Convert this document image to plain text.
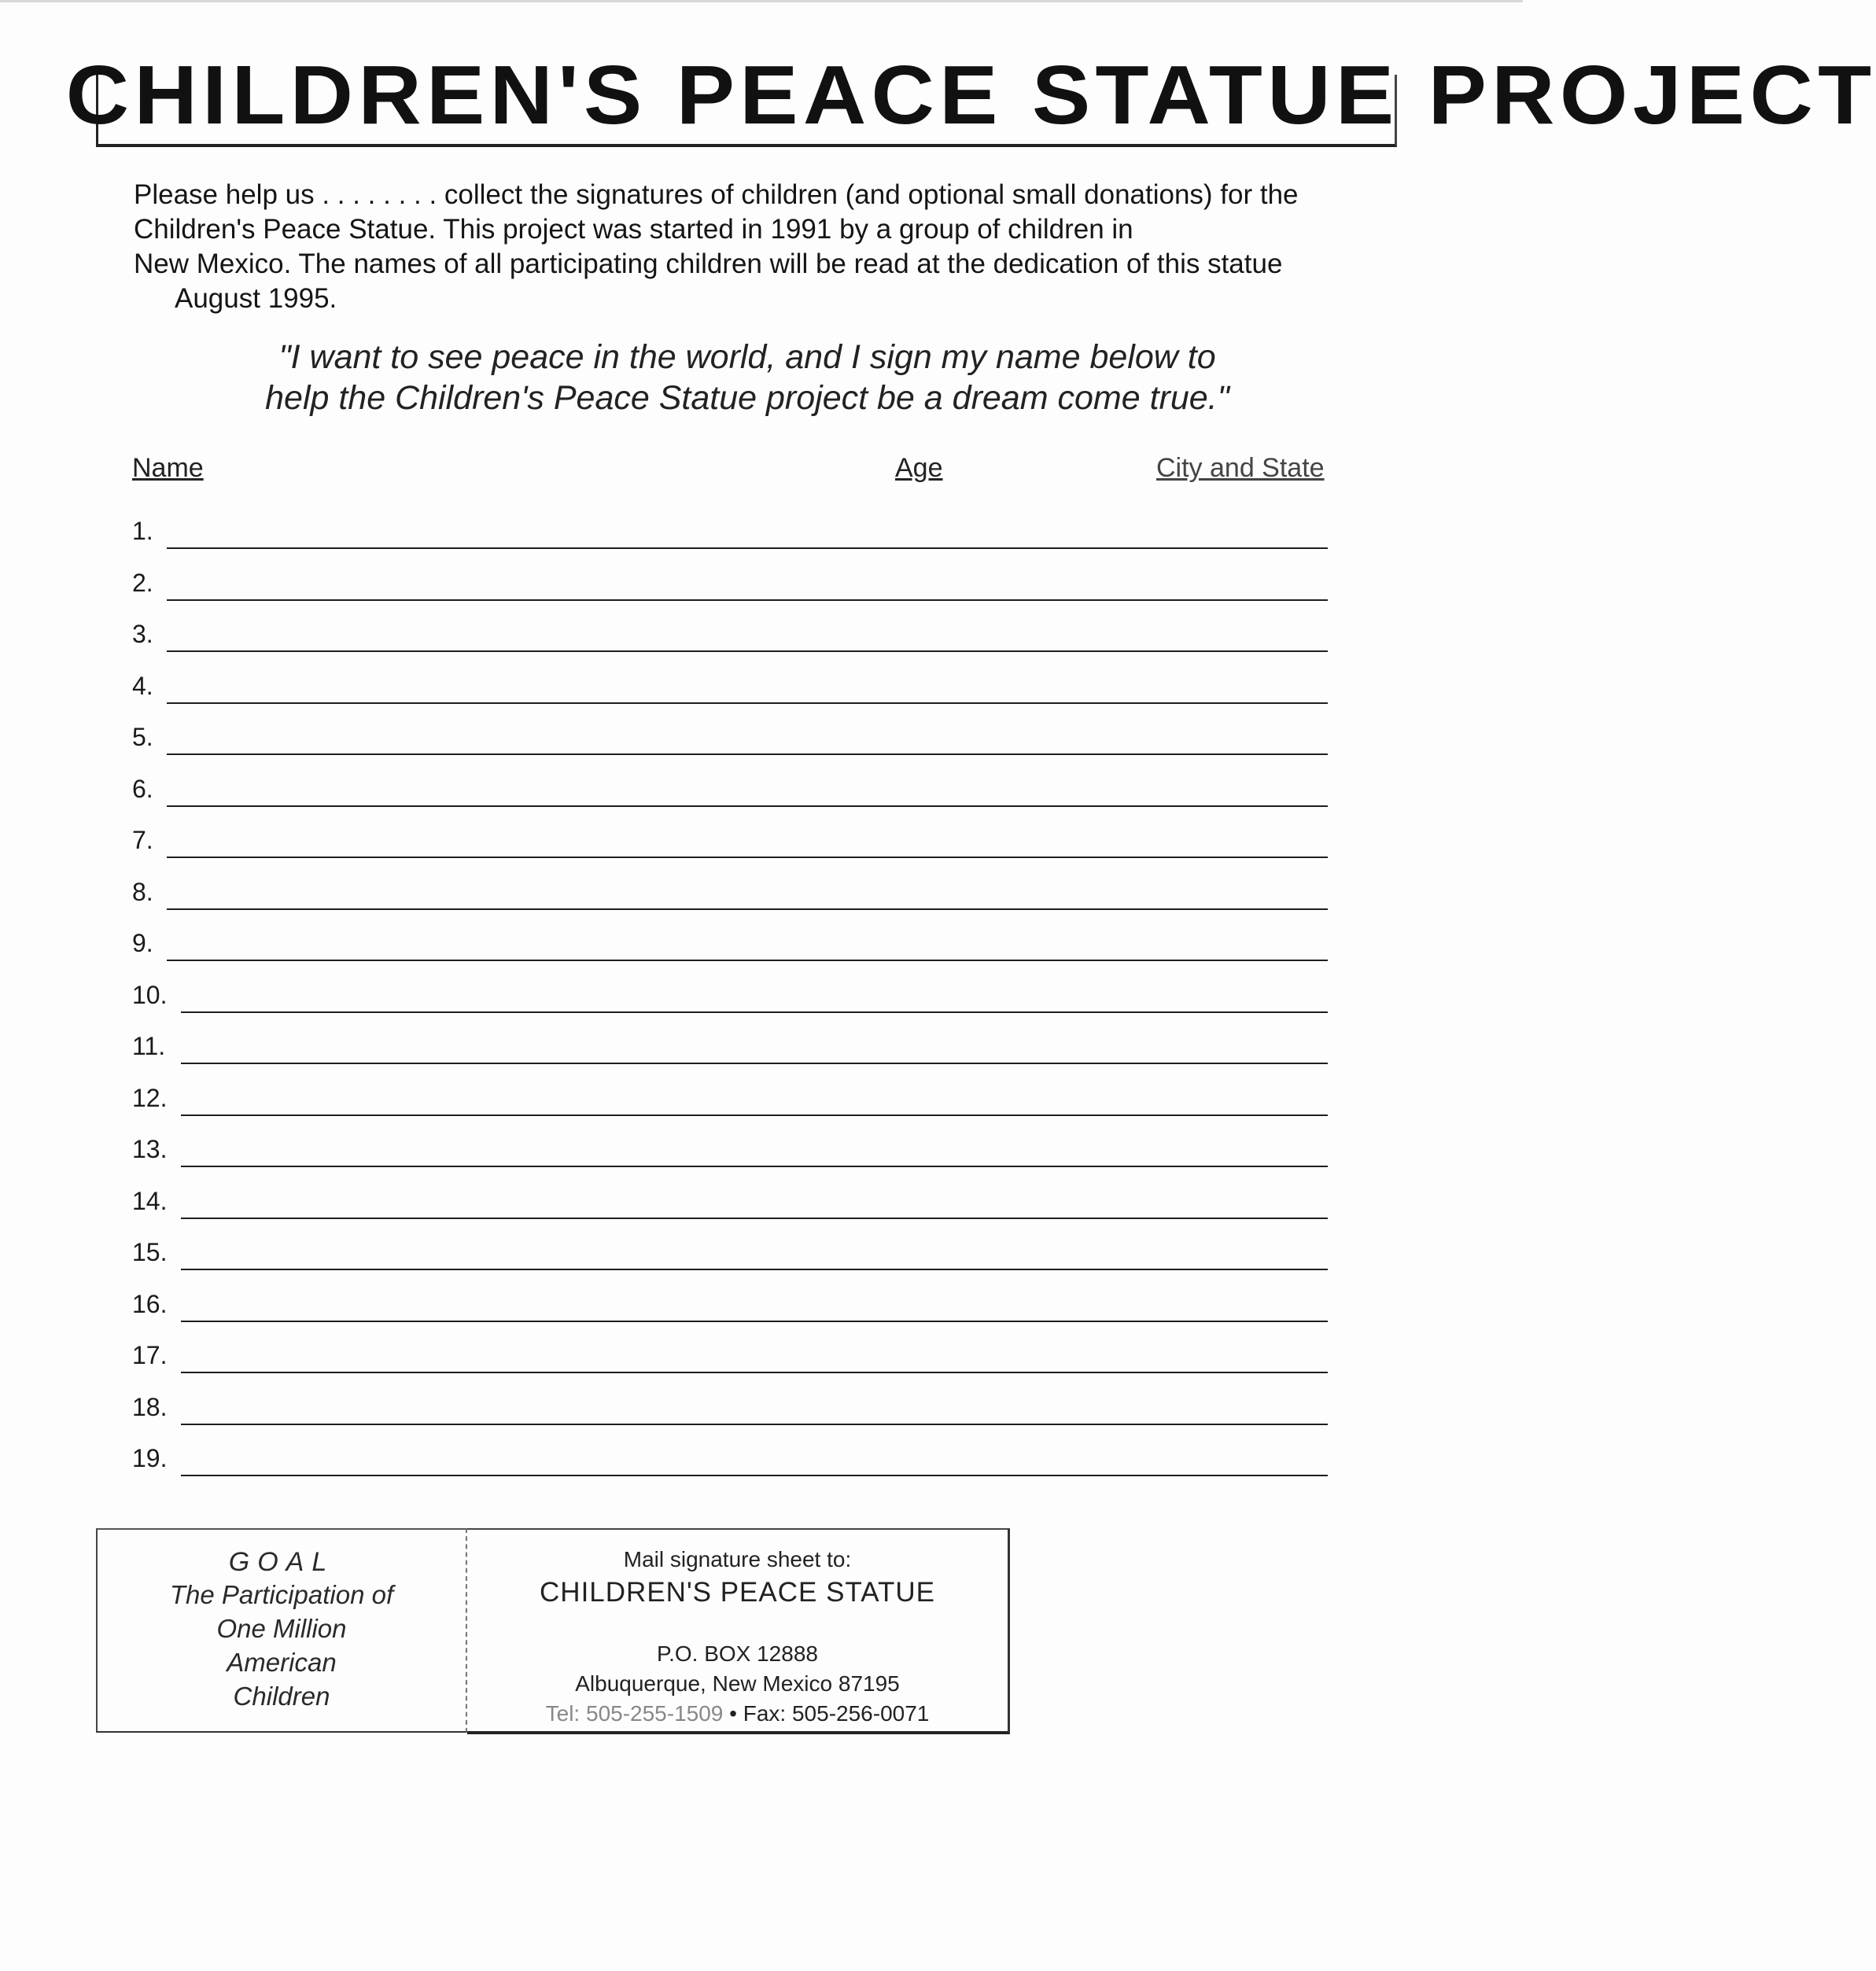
CHILDREN'S PEACE STATUE PROJECT
Please help us . . . . . . . . collect the signatures of children (and optional small donations) for the
Children's Peace Statue. This project was started in 1991 by a group of children in
New Mexico. The names of all participating children will be read at the dedication of this statue
August 1995.
"I want to see peace in the world, and I sign my name below to
help the Children's Peace Statue project be a dream come true."
Name	Age	City and State
1.
2.
3.
4.
5.
6.
7.
8.
9.
10.
11.
12.
13.
14.
15.
16.
17.
18.
19.
GOAL
The Participation of
One Million
American
Children
Mail signature sheet to:
CHILDREN'S PEACE STATUE
P.O. BOX 12888
Albuquerque, New Mexico 87195
Tel: 505-255-1509 • Fax: 505-256-0071
